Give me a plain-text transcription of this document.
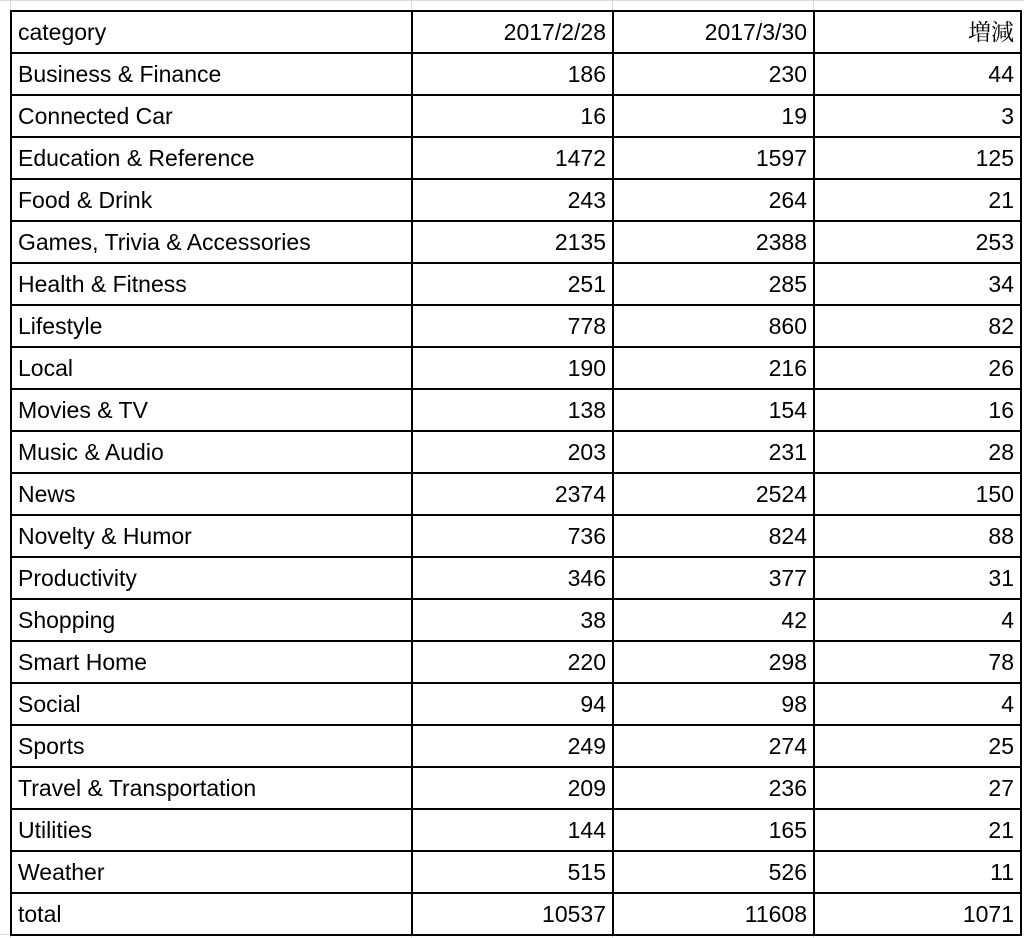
category	2017/2/28	2017/3/30	増減
Business & Finance	186	230	44
Connected Car	16	19	3
Education & Reference	1472	1597	125
Food & Drink	243	264	21
Games, Trivia & Accessories	2135	2388	253
Health & Fitness	251	285	34
Lifestyle	778	860	82
Local	190	216	26
Movies & TV	138	154	16
Music & Audio	203	231	28
News	2374	2524	150
Novelty & Humor	736	824	88
Productivity	346	377	31
Shopping	38	42	4
Smart Home	220	298	78
Social	94	98	4
Sports	249	274	25
Travel & Transportation	209	236	27
Utilities	144	165	21
Weather	515	526	11
total	10537	11608	1071
